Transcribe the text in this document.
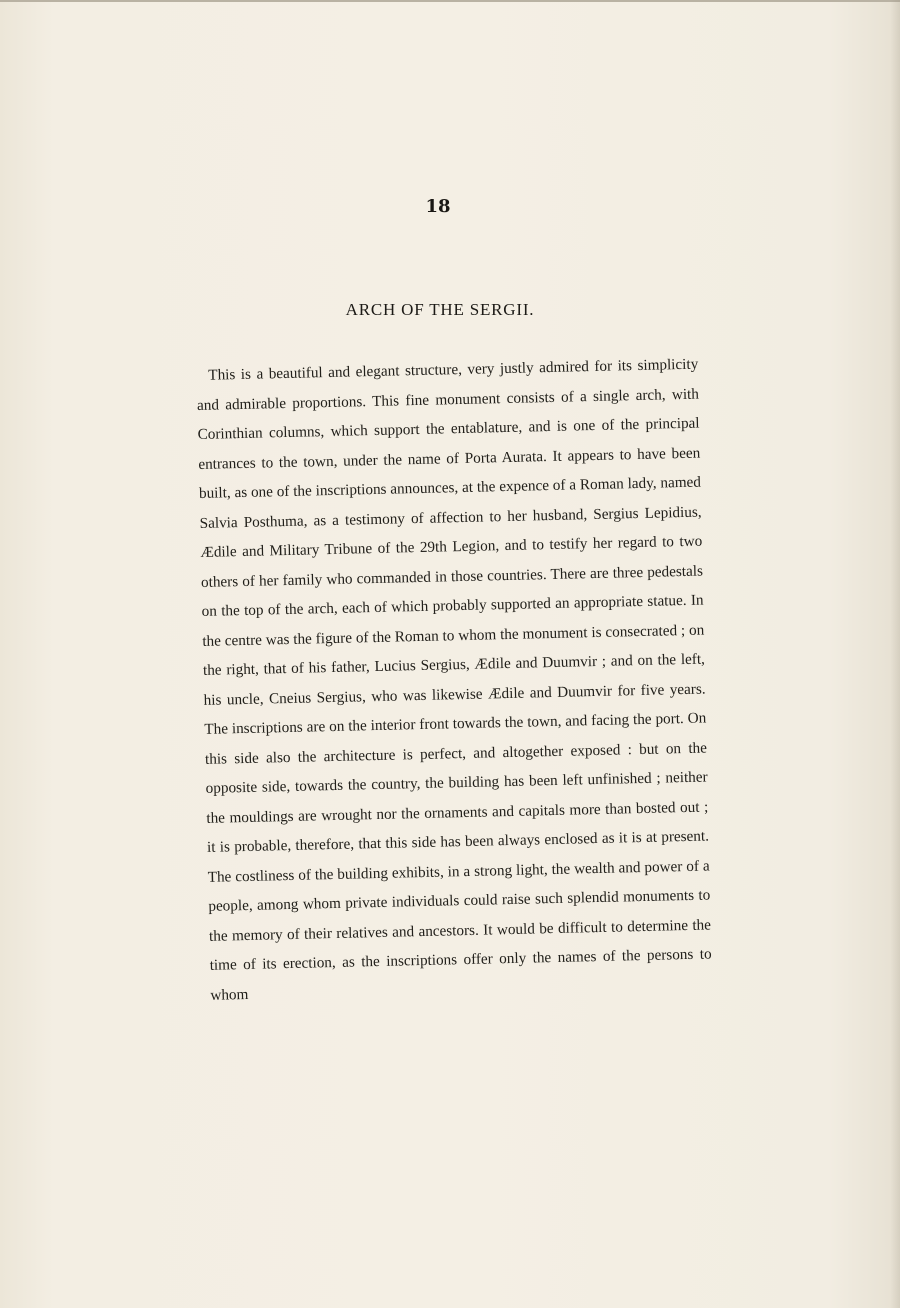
18
ARCH OF THE SERGII.

This is a beautiful and elegant structure, very justly admired for its simplicity and admirable proportions. This fine monument consists of a single arch, with Corinthian columns, which support the entablature, and is one of the principal entrances to the town, under the name of Porta Aurata. It appears to have been built, as one of the inscriptions announces, at the expence of a Roman lady, named Salvia Posthuma, as a testimony of affection to her husband, Sergius Lepidius, Ædile and Military Tribune of the 29th Legion, and to testify her regard to two others of her family who commanded in those countries. There are three pedestals on the top of the arch, each of which probably supported an appropriate statue. In the centre was the figure of the Roman to whom the monument is consecrated ; on the right, that of his father, Lucius Sergius, Ædile and Duumvir ; and on the left, his uncle, Cneius Sergius, who was likewise Ædile and Duumvir for five years. The inscriptions are on the interior front towards the town, and facing the port. On this side also the architecture is perfect, and altogether exposed : but on the opposite side, towards the country, the building has been left unfinished ; neither the mouldings are wrought nor the ornaments and capitals more than bosted out ; it is probable, therefore, that this side has been always enclosed as it is at present. The costliness of the building exhibits, in a strong light, the wealth and power of a people, among whom private individuals could raise such splendid monuments to the memory of their relatives and ancestors. It would be difficult to determine the time of its erection, as the inscriptions offer only the names of the persons to whom
